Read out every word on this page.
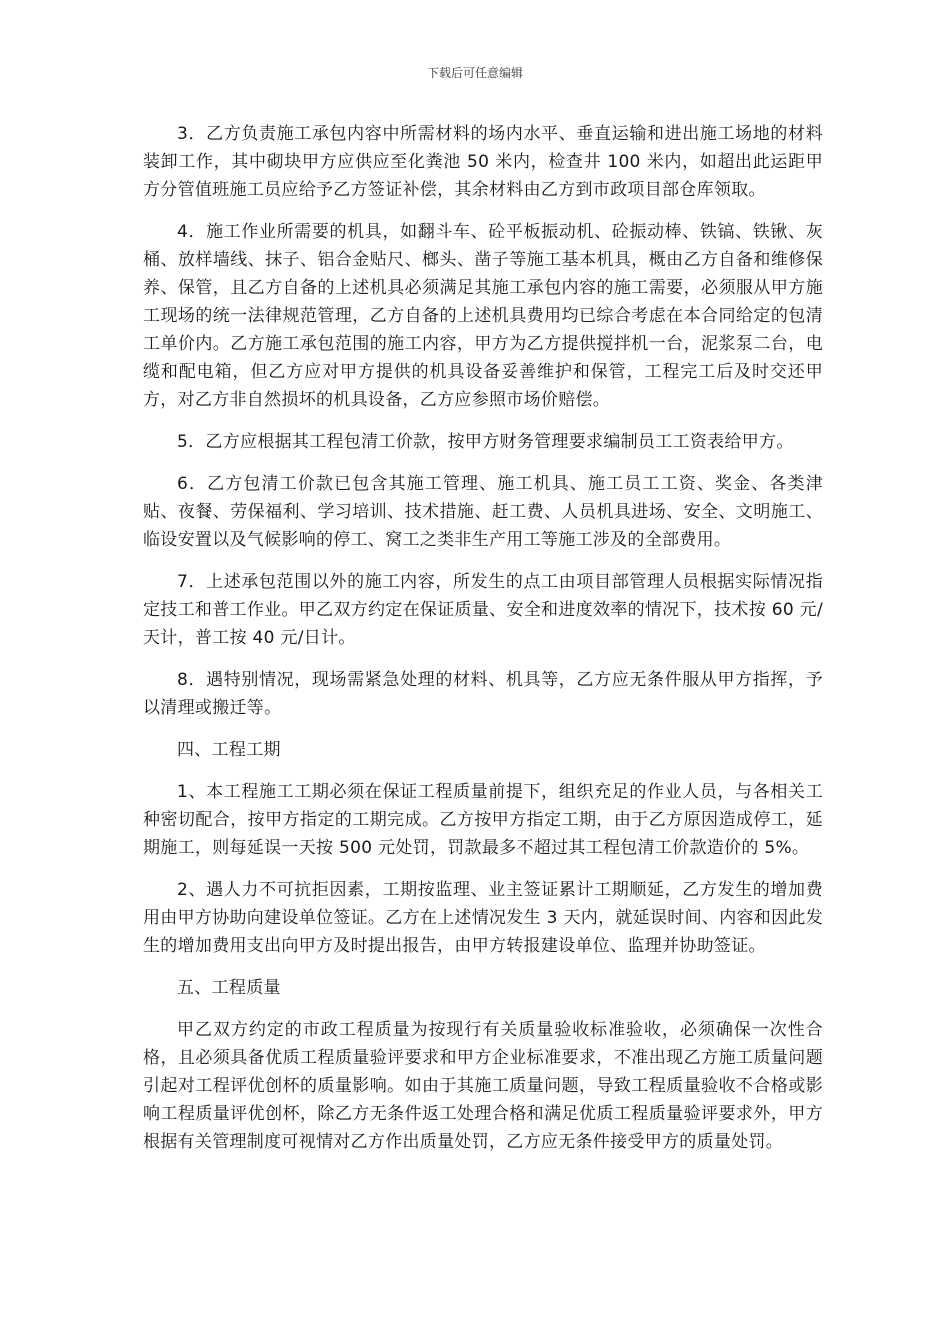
下载后可任意编辑

3．乙方负责施工承包内容中所需材料的场内水平、垂直运输和进出施工场地的材料装卸工作，其中砌块甲方应供应至化粪池 50 米内，检查井 100 米内，如超出此运距甲方分管值班施工员应给予乙方签证补偿，其余材料由乙方到市政项目部仓库领取。

4．施工作业所需要的机具，如翻斗车、砼平板振动机、砼振动棒、铁镐、铁锹、灰桶、放样墙线、抹子、铝合金贴尺、榔头、凿子等施工基本机具，概由乙方自备和维修保养、保管，且乙方自备的上述机具必须满足其施工承包内容的施工需要，必须服从甲方施工现场的统一法律规范管理，乙方自备的上述机具费用均已综合考虑在本合同给定的包清工单价内。乙方施工承包范围的施工内容，甲方为乙方提供搅拌机一台，泥浆泵二台，电缆和配电箱，但乙方应对甲方提供的机具设备妥善维护和保管，工程完工后及时交还甲方，对乙方非自然损坏的机具设备，乙方应参照市场价赔偿。

5．乙方应根据其工程包清工价款，按甲方财务管理要求编制员工工资表给甲方。

6．乙方包清工价款已包含其施工管理、施工机具、施工员工工资、奖金、各类津贴、夜餐、劳保福利、学习培训、技术措施、赶工费、人员机具进场、安全、文明施工、临设安置以及气候影响的停工、窝工之类非生产用工等施工涉及的全部费用。

7．上述承包范围以外的施工内容，所发生的点工由项目部管理人员根据实际情况指定技工和普工作业。甲乙双方约定在保证质量、安全和进度效率的情况下，技术按 60 元/天计，普工按 40 元/日计。

8．遇特别情况，现场需紧急处理的材料、机具等，乙方应无条件服从甲方指挥，予以清理或搬迁等。

四、工程工期

1、本工程施工工期必须在保证工程质量前提下，组织充足的作业人员，与各相关工种密切配合，按甲方指定的工期完成。乙方按甲方指定工期，由于乙方原因造成停工，延期施工，则每延误一天按 500 元处罚，罚款最多不超过其工程包清工价款造价的 5%。

2、遇人力不可抗拒因素，工期按监理、业主签证累计工期顺延，乙方发生的增加费用由甲方协助向建设单位签证。乙方在上述情况发生 3 天内，就延误时间、内容和因此发生的增加费用支出向甲方及时提出报告，由甲方转报建设单位、监理并协助签证。

五、工程质量

甲乙双方约定的市政工程质量为按现行有关质量验收标准验收，必须确保一次性合格，且必须具备优质工程质量验评要求和甲方企业标准要求，不准出现乙方施工质量问题引起对工程评优创杯的质量影响。如由于其施工质量问题，导致工程质量验收不合格或影响工程质量评优创杯，除乙方无条件返工处理合格和满足优质工程质量验评要求外，甲方根据有关管理制度可视情对乙方作出质量处罚，乙方应无条件接受甲方的质量处罚。
